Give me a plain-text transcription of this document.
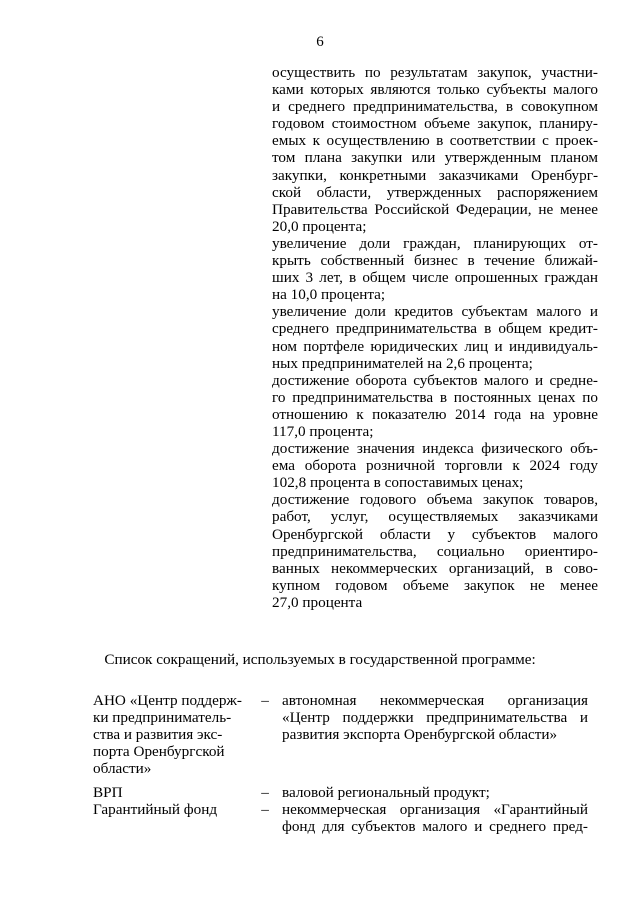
6
осуществить по результатам закупок, участни-
ками которых являются только субъекты малого
и среднего предпринимательства, в совокупном
годовом стоимостном объеме закупок, планиру-
емых к осуществлению в соответствии с проек-
том плана закупки или утвержденным планом
закупки, конкретными заказчиками Оренбург-
ской области, утвержденных распоряжением
Правительства Российской Федерации, не менее
20,0 процента;
увеличение доли граждан, планирующих от-
крыть собственный бизнес в течение ближай-
ших 3 лет, в общем числе опрошенных граждан
на 10,0 процента;
увеличение доли кредитов субъектам малого и
среднего предпринимательства в общем кредит-
ном портфеле юридических лиц и индивидуаль-
ных предпринимателей на 2,6 процента;
достижение оборота субъектов малого и средне-
го предпринимательства в постоянных ценах по
отношению к показателю 2014 года на уровне
117,0 процента;
достижение значения индекса физического объ-
ема оборота розничной торговли к 2024 году
102,8 процента в сопоставимых ценах;
достижение годового объема закупок товаров,
работ, услуг, осуществляемых заказчиками
Оренбургской области у субъектов малого
предпринимательства, социально ориентиро-
ванных некоммерческих организаций, в сово-
купном годовом объеме закупок не менее
27,0 процента
Список сокращений, используемых в государственной программе:
АНО «Центр поддерж-
ки предприниматель-
ства и развития экс-
порта Оренбургской
области»
– автономная некоммерческая организация
«Центр поддержки предпринимательства и
развития экспорта Оренбургской области»
ВРП	– валовой региональный продукт;
Гарантийный фонд	– некоммерческая организация «Гарантийный
фонд для субъектов малого и среднего пред-
